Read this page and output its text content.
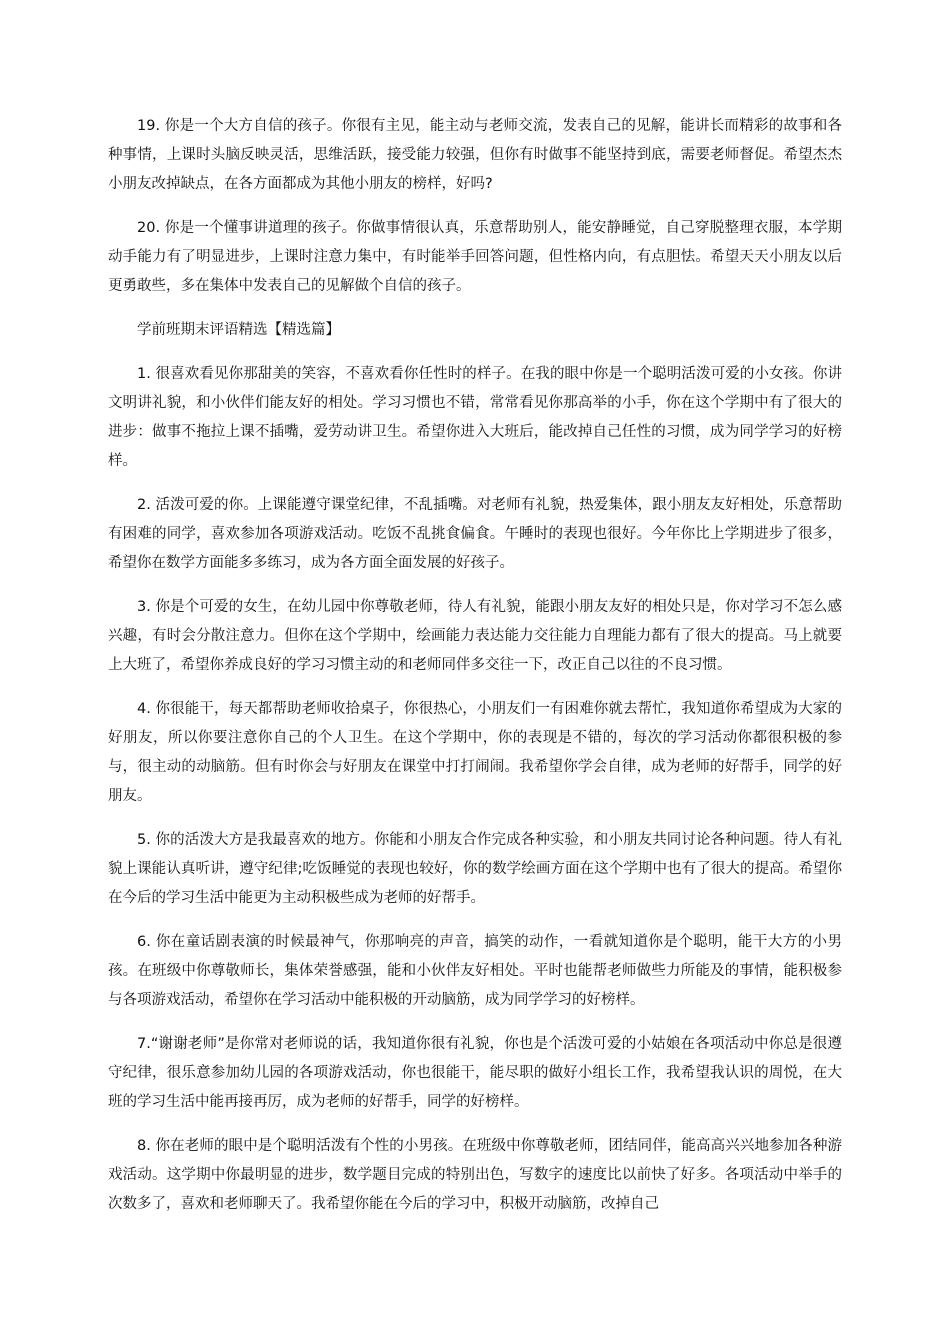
19. 你是一个大方自信的孩子。你很有主见，能主动与老师交流，发表自己的见解，能讲长而精彩的故事和各种事情，上课时头脑反映灵活，思维活跃，接受能力较强，但你有时做事不能坚持到底，需要老师督促。希望杰杰小朋友改掉缺点，在各方面都成为其他小朋友的榜样，好吗?

20. 你是一个懂事讲道理的孩子。你做事情很认真，乐意帮助别人，能安静睡觉，自己穿脱整理衣服，本学期动手能力有了明显进步，上课时注意力集中，有时能举手回答问题，但性格内向，有点胆怯。希望天天小朋友以后更勇敢些，多在集体中发表自己的见解做个自信的孩子。

学前班期末评语精选【精选篇】

1. 很喜欢看见你那甜美的笑容，不喜欢看你任性时的样子。在我的眼中你是一个聪明活泼可爱的小女孩。你讲文明讲礼貌，和小伙伴们能友好的相处。学习习惯也不错，常常看见你那高举的小手，你在这个学期中有了很大的进步：做事不拖拉上课不插嘴，爱劳动讲卫生。希望你进入大班后，能改掉自己任性的习惯，成为同学学习的好榜样。

2. 活泼可爱的你。上课能遵守课堂纪律，不乱插嘴。对老师有礼貌，热爱集体，跟小朋友友好相处，乐意帮助有困难的同学，喜欢参加各项游戏活动。吃饭不乱挑食偏食。午睡时的表现也很好。今年你比上学期进步了很多，希望你在数学方面能多多练习，成为各方面全面发展的好孩子。

3. 你是个可爱的女生，在幼儿园中你尊敬老师，待人有礼貌，能跟小朋友友好的相处只是，你对学习不怎么感兴趣，有时会分散注意力。但你在这个学期中，绘画能力表达能力交往能力自理能力都有了很大的提高。马上就要上大班了，希望你养成良好的学习习惯主动的和老师同伴多交往一下，改正自己以往的不良习惯。

4. 你很能干，每天都帮助老师收拾桌子，你很热心，小朋友们一有困难你就去帮忙，我知道你希望成为大家的好朋友，所以你要注意你自己的个人卫生。在这个学期中，你的表现是不错的，每次的学习活动你都很积极的参与，很主动的动脑筋。但有时你会与好朋友在课堂中打打闹闹。我希望你学会自律，成为老师的好帮手，同学的好朋友。

5. 你的活泼大方是我最喜欢的地方。你能和小朋友合作完成各种实验，和小朋友共同讨论各种问题。待人有礼貌上课能认真听讲，遵守纪律;吃饭睡觉的表现也较好，你的数学绘画方面在这个学期中也有了很大的提高。希望你在今后的学习生活中能更为主动积极些成为老师的好帮手。

6. 你在童话剧表演的时候最神气，你那响亮的声音，搞笑的动作，一看就知道你是个聪明，能干大方的小男孩。在班级中你尊敬师长，集体荣誉感强，能和小伙伴友好相处。平时也能帮老师做些力所能及的事情，能积极参与各项游戏活动，希望你在学习活动中能积极的开动脑筋，成为同学学习的好榜样。

7.“谢谢老师”是你常对老师说的话，我知道你很有礼貌，你也是个活泼可爱的小姑娘在各项活动中你总是很遵守纪律，很乐意参加幼儿园的各项游戏活动，你也很能干，能尽职的做好小组长工作，我希望我认识的周悦，在大班的学习生活中能再接再厉，成为老师的好帮手，同学的好榜样。

8. 你在老师的眼中是个聪明活泼有个性的小男孩。在班级中你尊敬老师，团结同伴，能高高兴兴地参加各种游戏活动。这学期中你最明显的进步，数学题目完成的特别出色，写数字的速度比以前快了好多。各项活动中举手的次数多了，喜欢和老师聊天了。我希望你能在今后的学习中，积极开动脑筋，改掉自己
